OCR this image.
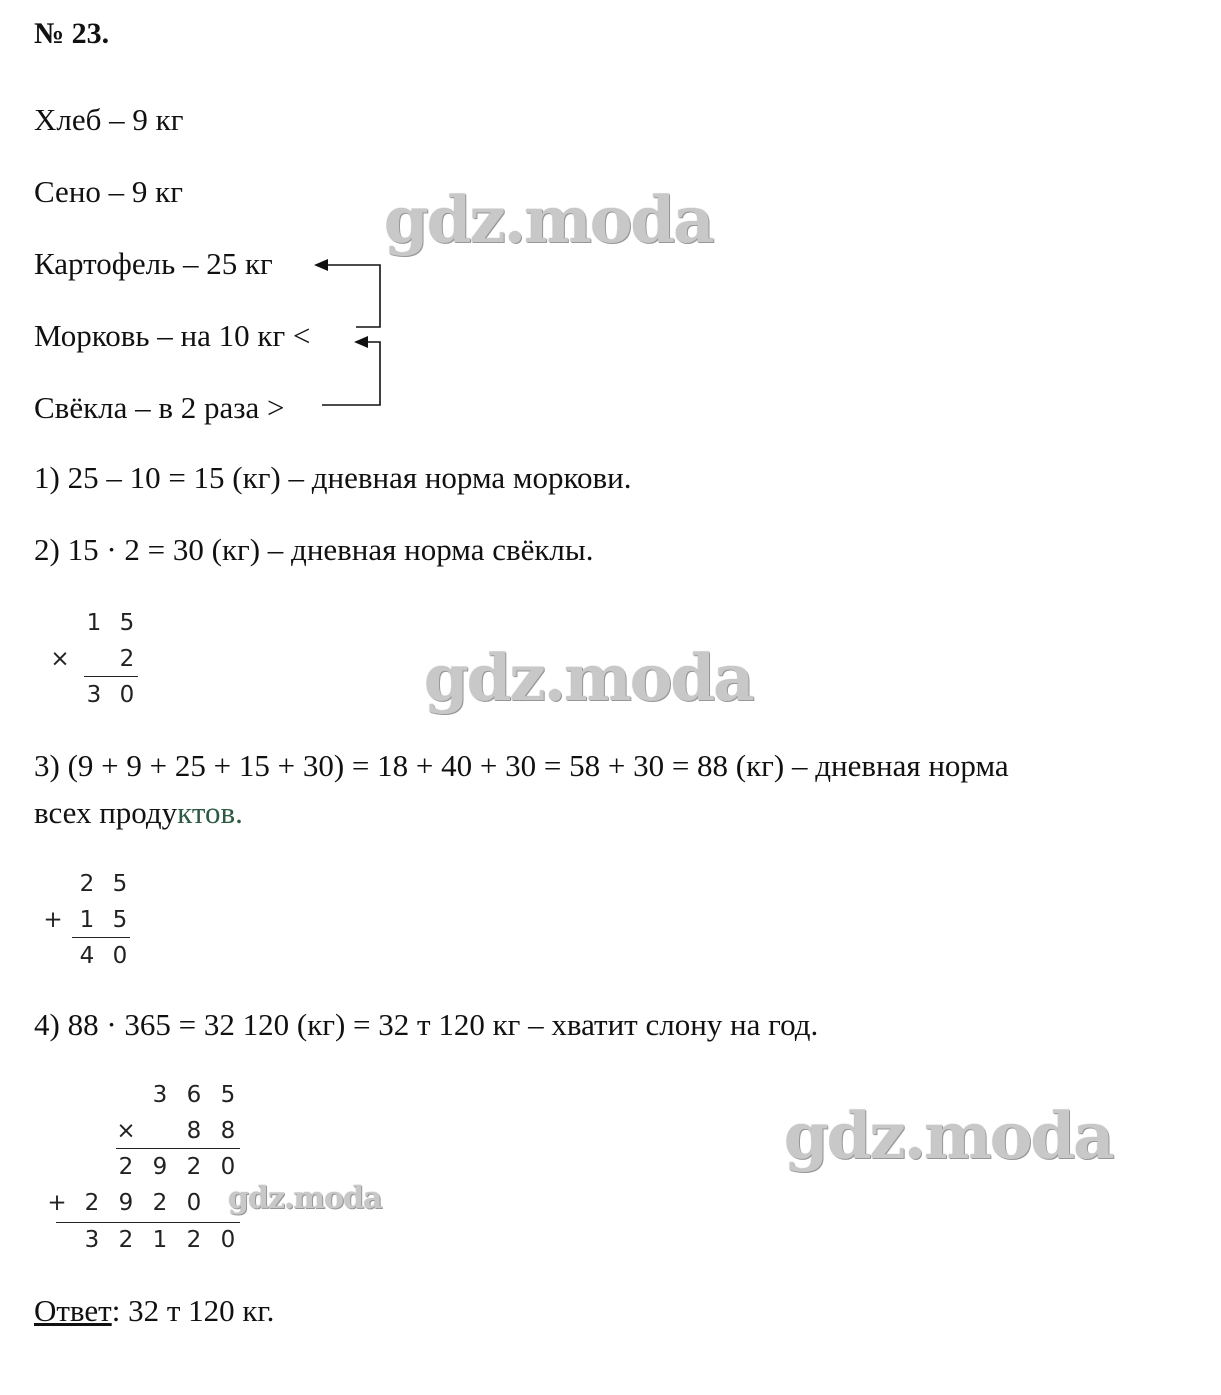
№ 23.
Хлеб – 9 кг
Сено – 9 кг
Картофель – 25 кг
Морковь – на 10 кг <
Свёкла – в 2 раза >
1) 25 – 10 = 15 (кг) – дневная норма моркови.
2) 15 · 2 = 30 (кг) – дневная норма свёклы.
×
1 5
2
3 0
3) (9 + 9 + 25 + 15 + 30) = 18 + 40 + 30 = 58 + 30 = 88 (кг) – дневная норма
всех продуктов.
+
2 5
1 5
4 0
4) 88 · 365 = 32 120 (кг) = 32 т 120 кг – хватит слону на год.
3 6 5
× 8 8
2 9 2 0
+ 2 9 2 0
3 2 1 2 0
Ответ: 32 т 120 кг.
gdz.moda
gdz.moda
gdz.moda
gdz.moda
